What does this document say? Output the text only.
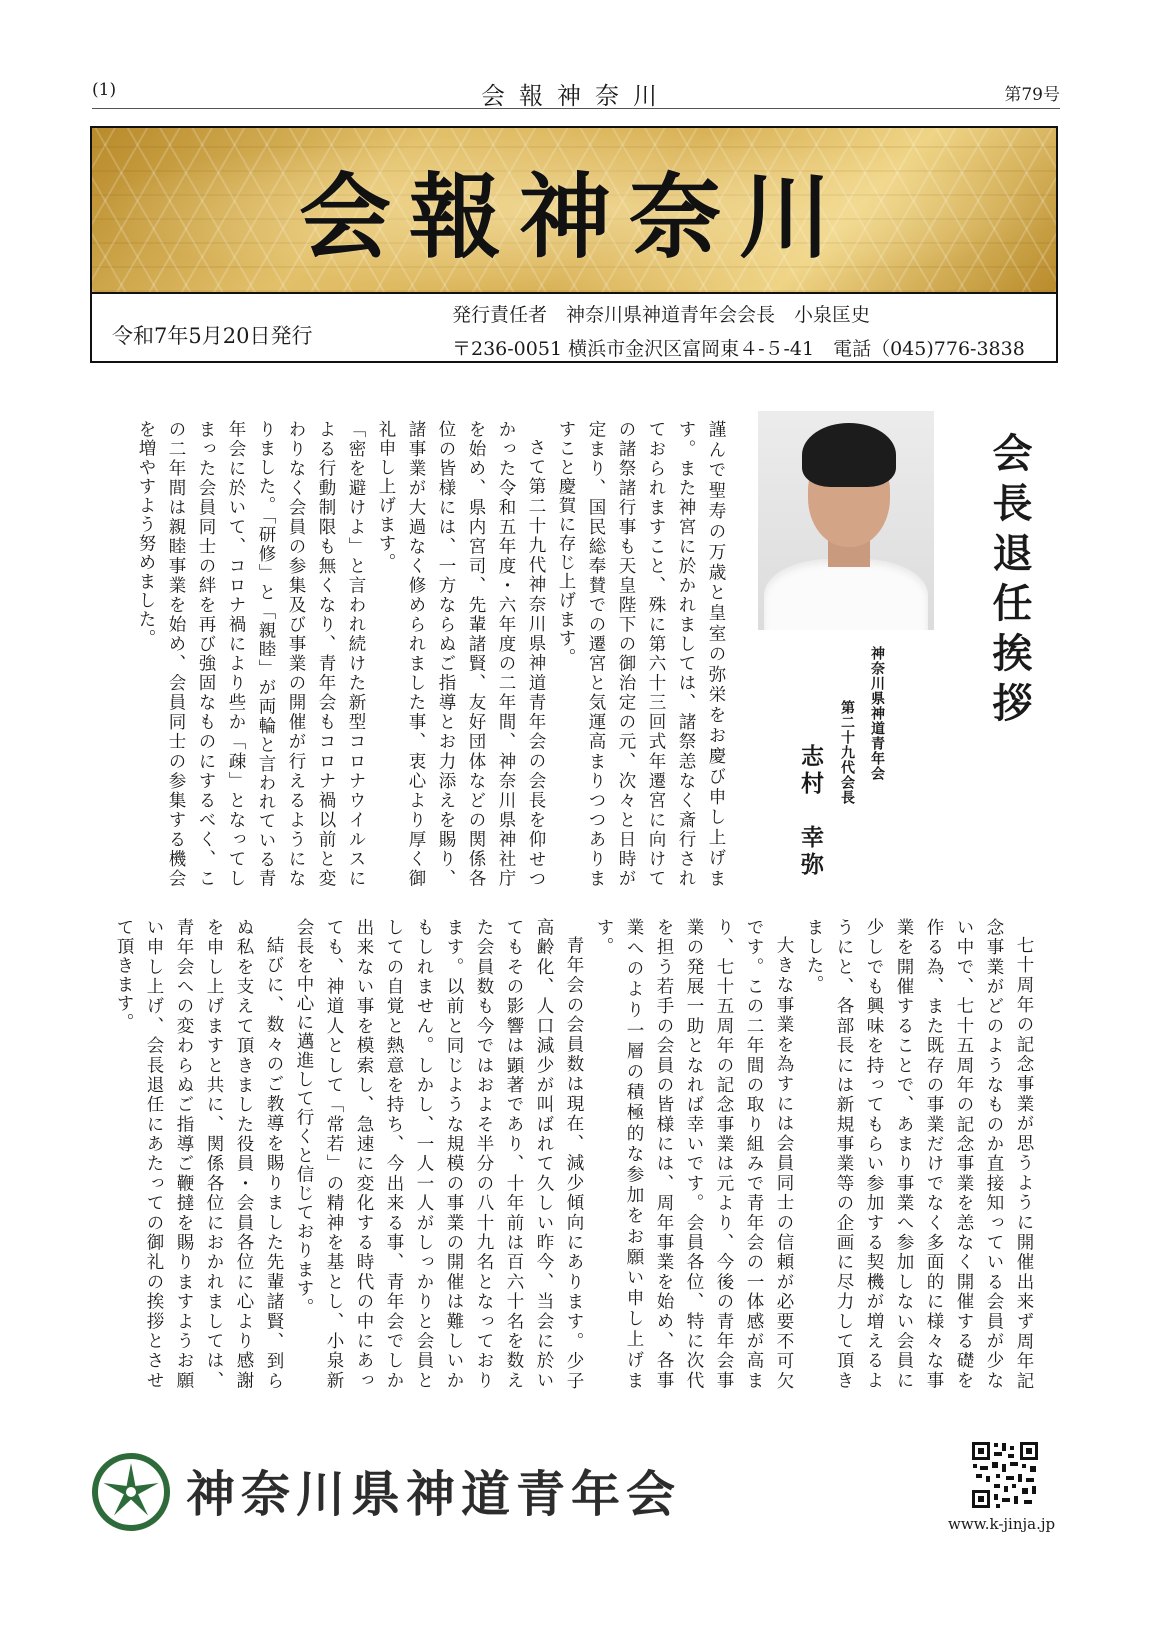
(1)	会報神奈川	第79号
会報神奈川
令和7年5月20日発行
発行責任者　神奈川県神道青年会会長　小泉匡史
〒236-0051 横浜市金沢区富岡東４-５-41　電話（045)776-3838
会長退任挨拶
神奈川県神道青年会
第二十九代会長
志村　幸弥

謹んで聖寿の万歳と皇室の弥栄をお慶び申し上げます。また神宮に於かれましては、諸祭恙なく斎行されておられますこと、殊に第六十三回式年遷宮に向けての諸祭諸行事も天皇陛下の御治定の元、次々と日時が定まり、国民総奉賛での遷宮と気運高まりつつありますこと慶賀に存じ上げます。

さて第二十九代神奈川県神道青年会の会長を仰せつかった令和五年度・六年度の二年間、神奈川県神社庁を始め、県内宮司、先輩諸賢、友好団体などの関係各位の皆様には、一方ならぬご指導とお力添えを賜り、諸事業が大過なく修められました事、衷心より厚く御礼申し上げます。

「密を避けよ」と言われ続けた新型コロナウイルスによる行動制限も無くなり、青年会もコロナ禍以前と変わりなく会員の参集及び事業の開催が行えるようになりました。「研修」と「親睦」が両輪と言われている青年会に於いて、コロナ禍により些か「疎」となってしまった会員同士の絆を再び強固なものにするべく、この二年間は親睦事業を始め、会員同士の参集する機会を増やすよう努めました。

七十周年の記念事業が思うように開催出来ず周年記念事業がどのようなものか直接知っている会員が少ない中で、七十五周年の記念事業を恙なく開催する礎を作る為、また既存の事業だけでなく多面的に様々な事業を開催することで、あまり事業へ参加しない会員に少しでも興味を持ってもらい参加する契機が増えるようにと、各部長には新規事業等の企画に尽力して頂きました。

大きな事業を為すには会員同士の信頼が必要不可欠です。この二年間の取り組みで青年会の一体感が高まり、七十五周年の記念事業は元より、今後の青年会事業の発展一助となれば幸いです。会員各位、特に次代を担う若手の会員の皆様には、周年事業を始め、各事業へのより一層の積極的な参加をお願い申し上げます。

青年会の会員数は現在、減少傾向にあります。少子高齢化、人口減少が叫ばれて久しい昨今、当会に於いてもその影響は顕著であり、十年前は百六十名を数えた会員数も今ではおよそ半分の八十九名となっております。以前と同じような規模の事業の開催は難しいかもしれません。しかし、一人一人がしっかりと会員としての自覚と熱意を持ち、今出来る事、青年会でしか出来ない事を模索し、急速に変化する時代の中にあっても、神道人として「常若」の精神を基とし、小泉新会長を中心に邁進して行くと信じております。

結びに、数々のご教導を賜りました先輩諸賢、到らぬ私を支えて頂きました役員・会員各位に心より感謝を申し上げますと共に、関係各位におかれましては、青年会への変わらぬご指導ご鞭撻を賜りますようお願い申し上げ、会長退任にあたっての御礼の挨拶とさせて頂きます。

神奈川県神道青年会
www.k-jinja.jp
